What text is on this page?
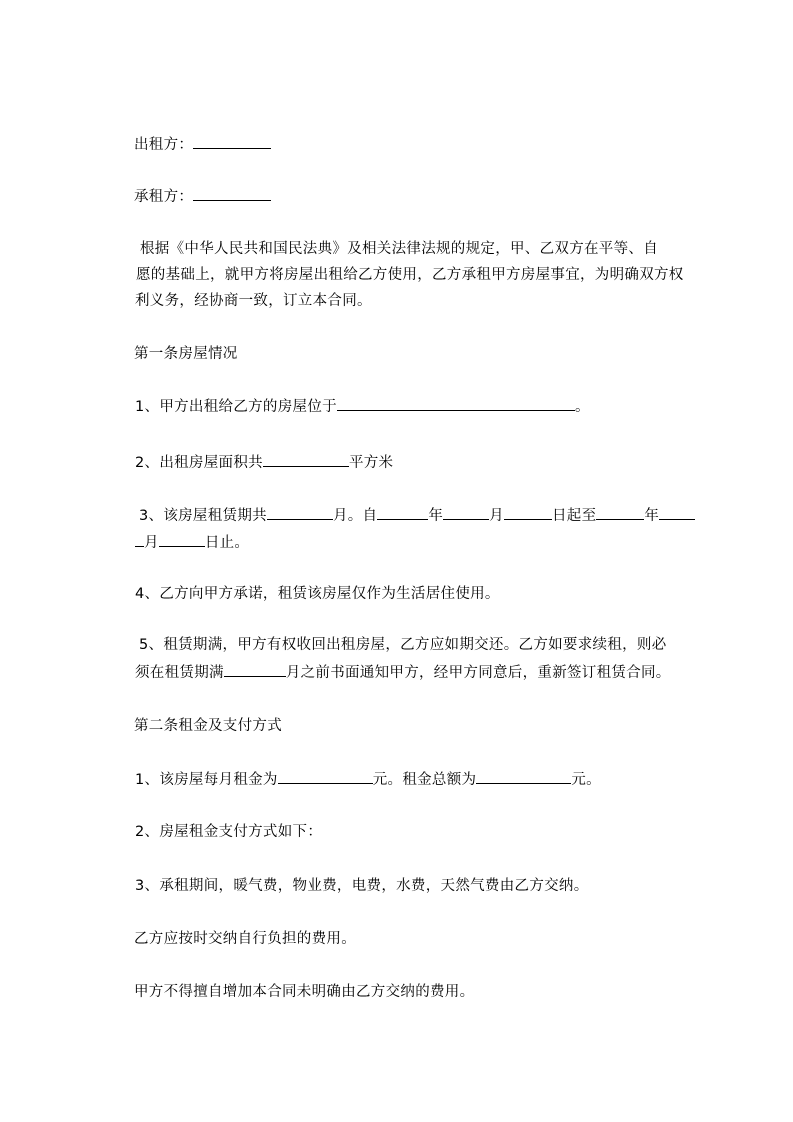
出租方：
承租方：
根据《中华人民共和国民法典》及相关法律法规的规定，甲、乙双方在平等、自
愿的基础上，就甲方将房屋出租给乙方使用，乙方承租甲方房屋事宜，为明确双方权
利义务，经协商一致，订立本合同。
第一条房屋情况
1、甲方出租给乙方的房屋位于	。
2、出租房屋面积共	平方米
3、该房屋租赁期共	月。自	年	月	日起至	年
月	日止。
4、乙方向甲方承诺，租赁该房屋仅作为生活居住使用。
5、租赁期满，甲方有权收回出租房屋，乙方应如期交还。乙方如要求续租，则必
须在租赁期满	月之前书面通知甲方，经甲方同意后，重新签订租赁合同。
第二条租金及支付方式
1、该房屋每月租金为	元。租金总额为	元。
2、房屋租金支付方式如下：
3、承租期间，暖气费，物业费，电费，水费，天然气费由乙方交纳。
乙方应按时交纳自行负担的费用。
甲方不得擅自增加本合同未明确由乙方交纳的费用。
